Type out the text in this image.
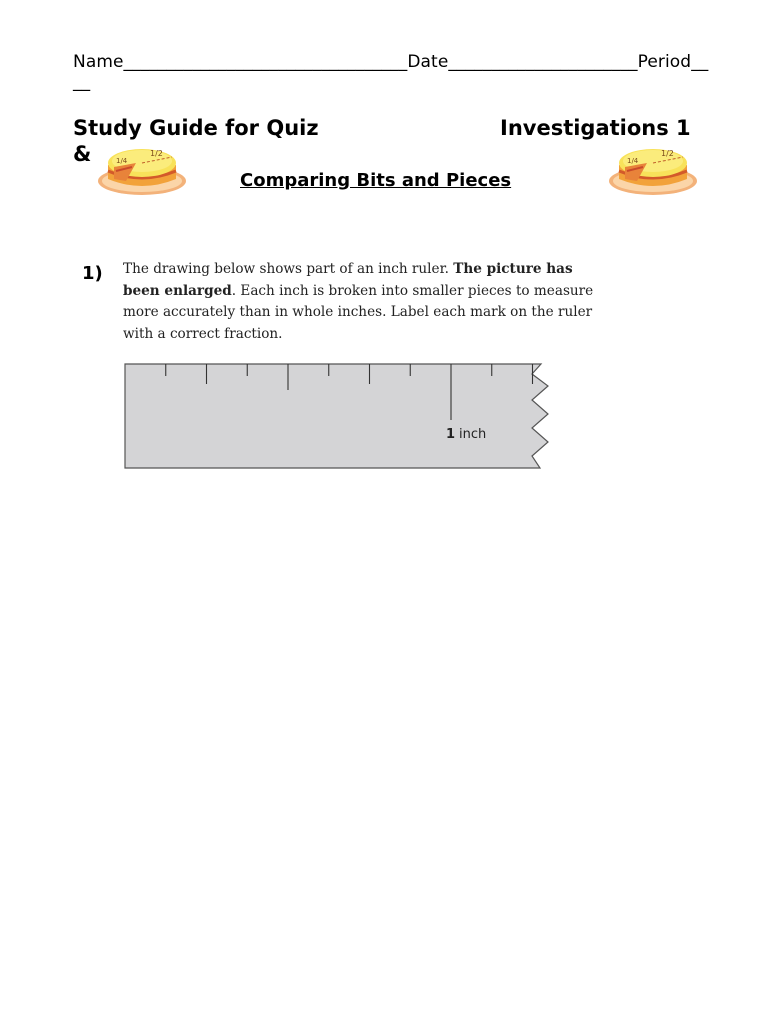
Name_________________________________Date______________________Period____
Study Guide for Quiz	Investigations 1
&	1/2
1/4
1/2
1/4
Comparing Bits and Pieces
1) The drawing below shows part of an inch ruler. The picture has been enlarged. Each inch is broken into smaller pieces to measure more accurately than in whole inches. Label each mark on the ruler with a correct fraction.
1 inch
